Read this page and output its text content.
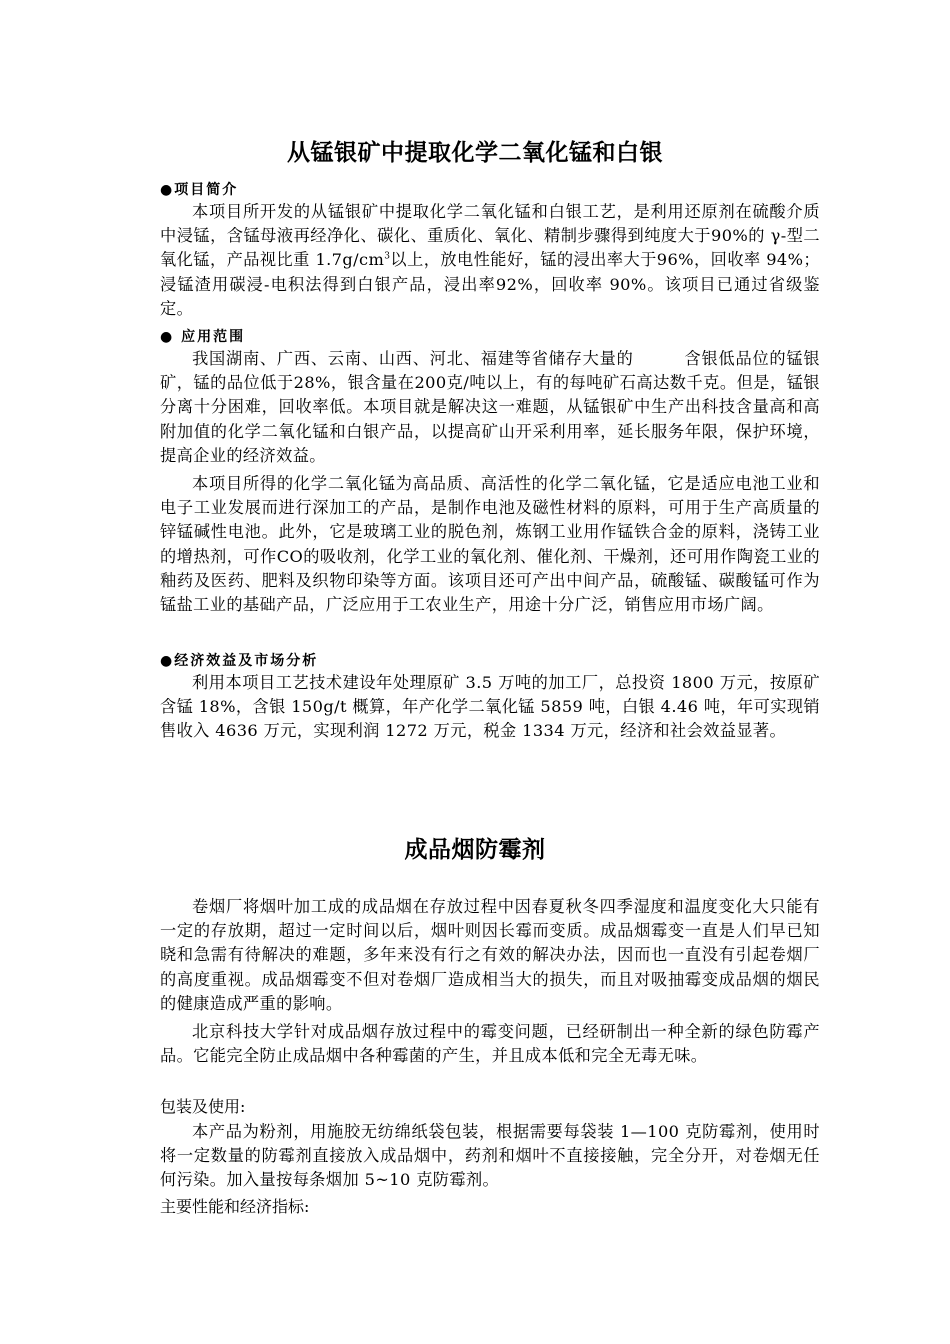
从锰银矿中提取化学二氧化锰和白银
●项目简介
本项目所开发的从锰银矿中提取化学二氧化锰和白银工艺，是利用还原剂在硫酸介质中浸锰，含锰母液再经净化、碳化、重质化、氧化、精制步骤得到纯度大于90%的 γ-型二氧化锰，产品视比重 $1.7g/cm^3$以上，放电性能好，锰的浸出率大于96%，回收率 94%；浸锰渣用碳浸-电积法得到白银产品，浸出率92%，回收率 90%。该项目已通过省级鉴定。
● 应用范围
我国湖南、广西、云南、山西、河北、福建等省储存大量的　　　含银低品位的锰银矿，锰的品位低于28%，银含量在200克/吨以上，有的每吨矿石高达数千克。但是，锰银分离十分困难，回收率低。本项目就是解决这一难题，从锰银矿中生产出科技含量高和高附加值的化学二氧化锰和白银产品，以提高矿山开采利用率，延长服务年限，保护环境，提高企业的经济效益。
本项目所得的化学二氧化锰为高品质、高活性的化学二氧化锰，它是适应电池工业和电子工业发展而进行深加工的产品，是制作电池及磁性材料的原料，可用于生产高质量的锌锰碱性电池。此外，它是玻璃工业的脱色剂，炼钢工业用作锰铁合金的原料，浇铸工业的增热剂，可作CO的吸收剂，化学工业的氧化剂、催化剂、干燥剂，还可用作陶瓷工业的釉药及医药、肥料及织物印染等方面。该项目还可产出中间产品，硫酸锰、碳酸锰可作为锰盐工业的基础产品，广泛应用于工农业生产，用途十分广泛，销售应用市场广阔。
●经济效益及市场分析
利用本项目工艺技术建设年处理原矿 3.5 万吨的加工厂，总投资 1800 万元，按原矿含锰 18%，含银 150g/t 概算，年产化学二氧化锰 5859 吨，白银 4.46 吨，年可实现销售收入 4636 万元，实现利润 1272 万元，税金 1334 万元，经济和社会效益显著。
成品烟防霉剂
卷烟厂将烟叶加工成的成品烟在存放过程中因春夏秋冬四季湿度和温度变化大只能有一定的存放期，超过一定时间以后，烟叶则因长霉而变质。成品烟霉变一直是人们早已知晓和急需有待解决的难题，多年来没有行之有效的解决办法，因而也一直没有引起卷烟厂的高度重视。成品烟霉变不但对卷烟厂造成相当大的损失，而且对吸抽霉变成品烟的烟民的健康造成严重的影响。
北京科技大学针对成品烟存放过程中的霉变问题，已经研制出一种全新的绿色防霉产品。它能完全防止成品烟中各种霉菌的产生，并且成本低和完全无毒无味。
包装及使用:
本产品为粉剂，用施胶无纺绵纸袋包装，根据需要每袋装 1—100 克防霉剂，使用时将一定数量的防霉剂直接放入成品烟中，药剂和烟叶不直接接触，完全分开，对卷烟无任何污染。加入量按每条烟加 5~10 克防霉剂。
主要性能和经济指标:
